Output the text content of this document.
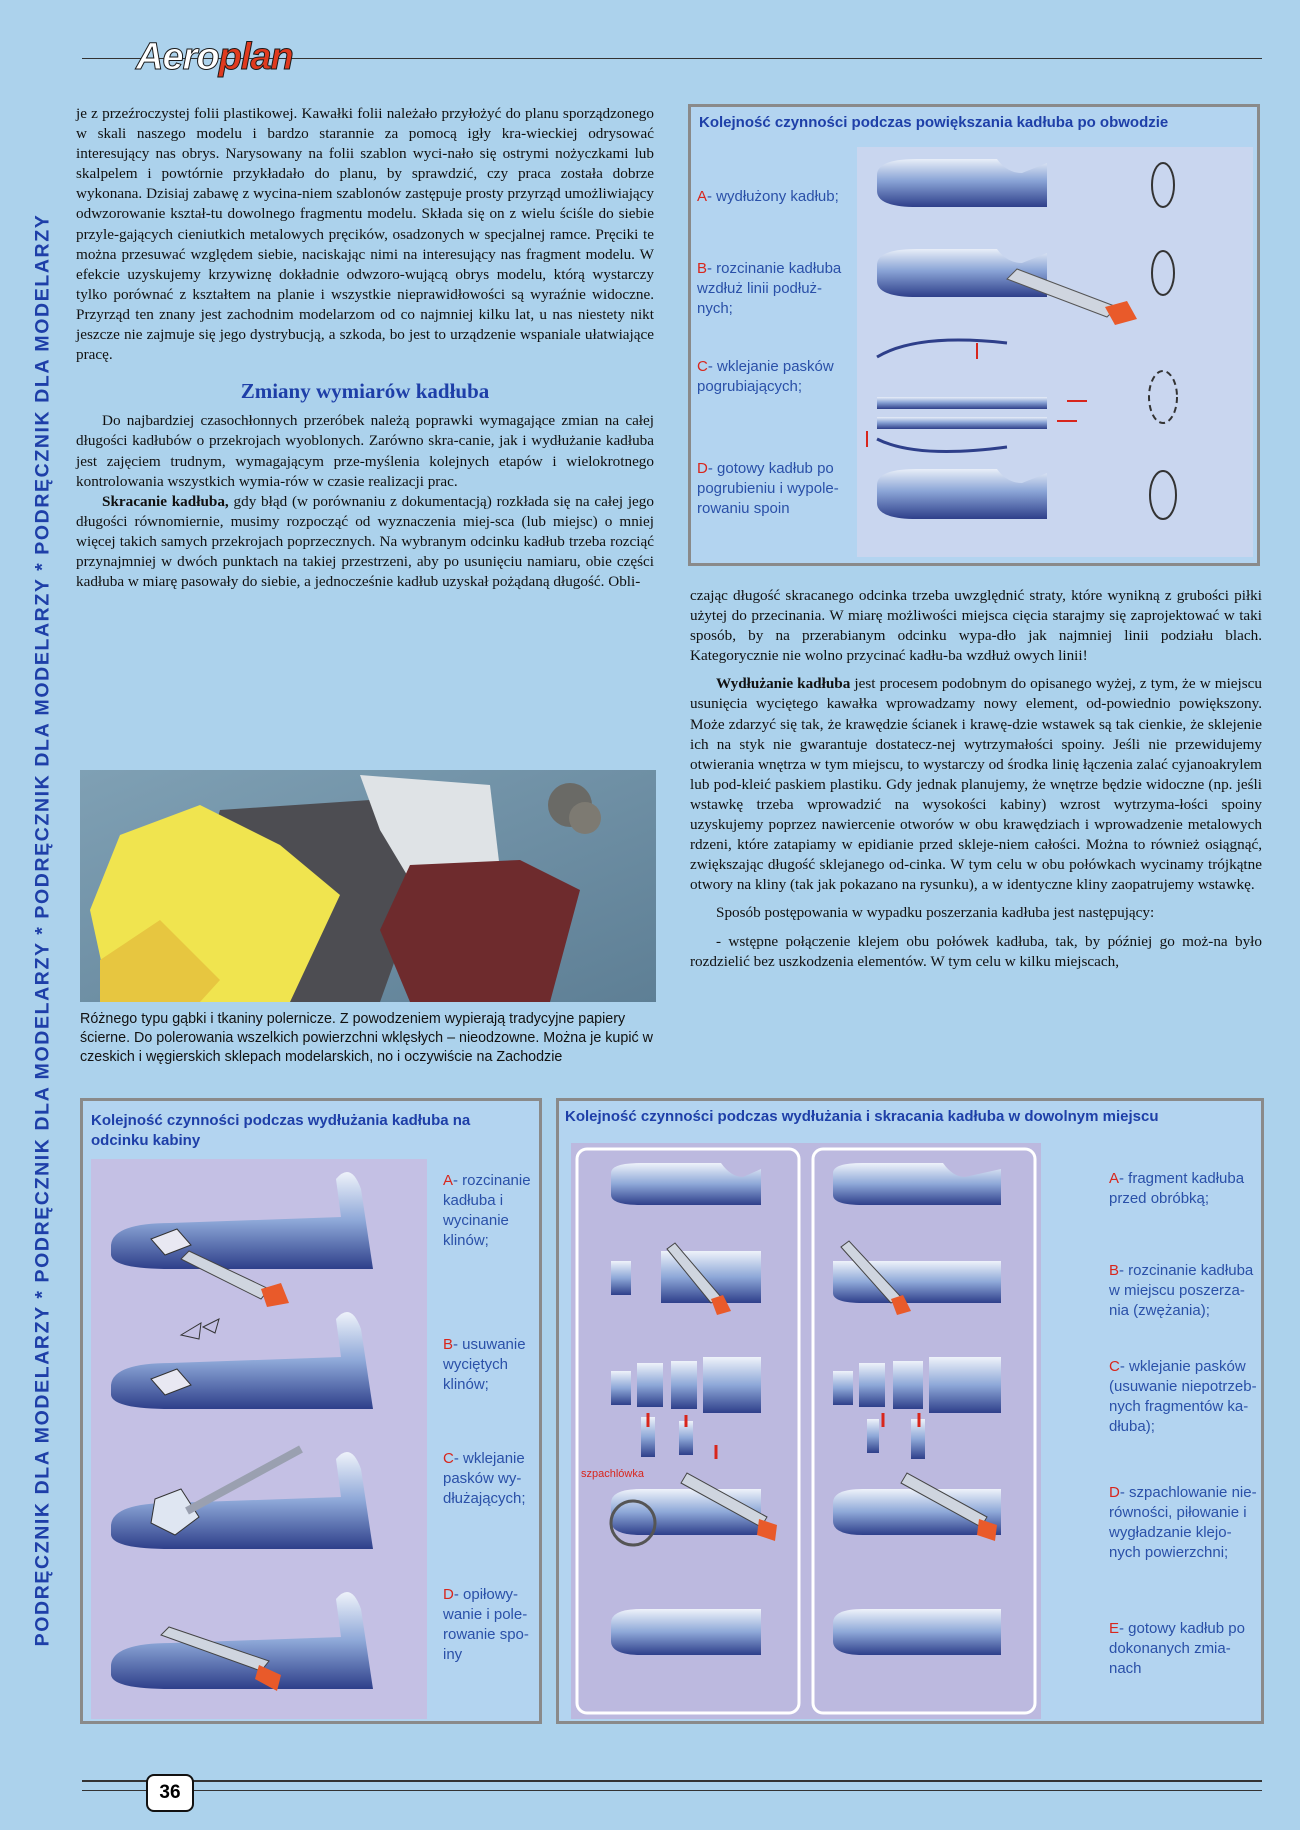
PODRĘCZNIK DLA MODELARZY * PODRĘCZNIK DLA MODELARZY * PODRĘCZNIK DLA MODELARZY * PODRĘCZNIK DLA MODELARZY
Aeroplan

je z przeźroczystej folii plastikowej. Kawałki folii należało przyłożyć do planu sporządzonego w skali naszego modelu i bardzo starannie za pomocą igły kra-wieckiej odrysować interesujący nas obrys. Narysowany na folii szablon wyci-nało się ostrymi nożyczkami lub skalpelem i powtórnie przykładało do planu, by sprawdzić, czy praca została dobrze wykonana. Dzisiaj zabawę z wycina-niem szablonów zastępuje prosty przyrząd umożliwiający odwzorowanie kształ-tu dowolnego fragmentu modelu. Składa się on z wielu ściśle do siebie przyle-gających cieniutkich metalowych pręcików, osadzonych w specjalnej ramce. Pręciki te można przesuwać względem siebie, naciskając nimi na interesujący nas fragment modelu. W efekcie uzyskujemy krzywiznę dokładnie odwzoro-wującą obrys modelu, którą wystarczy tylko porównać z kształtem na planie i wszystkie nieprawidłowości są wyraźnie widoczne. Przyrząd ten znany jest zachodnim modelarzom od co najmniej kilku lat, u nas niestety nikt jeszcze nie zajmuje się jego dystrybucją, a szkoda, bo jest to urządzenie wspaniale ułatwiające pracę.

Zmiany wymiarów kadłuba

Do najbardziej czasochłonnych przeróbek należą poprawki wymagające zmian na całej długości kadłubów o przekrojach wyoblonych. Zarówno skra-canie, jak i wydłużanie kadłuba jest zajęciem trudnym, wymagającym prze-myślenia kolejnych etapów i wielokrotnego kontrolowania wszystkich wymia-rów w czasie realizacji prac.

Skracanie kadłuba, gdy błąd (w porównaniu z dokumentacją) rozkłada się na całej jego długości równomiernie, musimy rozpocząć od wyznaczenia miej-sca (lub miejsc) o mniej więcej takich samych przekrojach poprzecznych. Na wybranym odcinku kadłub trzeba rozciąć przynajmniej w dwóch punktach na takiej przestrzeni, aby po usunięciu namiaru, obie części kadłuba w miarę pasowały do siebie, a jednocześnie kadłub uzyskał pożądaną długość. Obli-

Różnego typu gąbki i tkaniny polernicze. Z powodzeniem wypierają tradycyjne papiery ścierne. Do polerowania wszelkich powierzchni wklęsłych – nieodzowne. Można je kupić w czeskich i węgierskich sklepach modelarskich, no i oczywiście na Zachodzie
Kolejność czynności podczas powiększania kadłuba po obwodzie
A- wydłużony kadłub;
B- rozcinanie kadłuba wzdłuż linii podłuż-nych;
C- wklejanie pasków pogrubiających;
D- gotowy kadłub po pogrubieniu i wypole-rowaniu spoin

czając długość skracanego odcinka trzeba uwzględnić straty, które wynikną z grubości piłki użytej do przecinania. W miarę możliwości miejsca cięcia starajmy się zaprojektować w taki sposób, by na przerabianym odcinku wypa-dło jak najmniej linii podziału blach. Kategorycznie nie wolno przycinać kadłu-ba wzdłuż owych linii!

Wydłużanie kadłuba jest procesem podobnym do opisanego wyżej, z tym, że w miejscu usunięcia wyciętego kawałka wprowadzamy nowy element, od-powiednio powiększony. Może zdarzyć się tak, że krawędzie ścianek i krawę-dzie wstawek są tak cienkie, że sklejenie ich na styk nie gwarantuje dostatecz-nej wytrzymałości spoiny. Jeśli nie przewidujemy otwierania wnętrza w tym miejscu, to wystarczy od środka linię łączenia zalać cyjanoakrylem lub pod-kleić paskiem plastiku. Gdy jednak planujemy, że wnętrze będzie widoczne (np. jeśli wstawkę trzeba wprowadzić na wysokości kabiny) wzrost wytrzyma-łości spoiny uzyskujemy poprzez nawiercenie otworów w obu krawędziach i wprowadzenie metalowych rdzeni, które zatapiamy w epidianie przed skleje-niem całości. Można to również osiągnąć, zwiększając długość sklejanego od-cinka. W tym celu w obu połówkach wycinamy trójkątne otwory na kliny (tak jak pokazano na rysunku), a w identyczne kliny zaopatrujemy wstawkę.

Sposób postępowania w wypadku poszerzania kadłuba jest następujący:

- wstępne połączenie klejem obu połówek kadłuba, tak, by później go moż-na było rozdzielić bez uszkodzenia elementów. W tym celu w kilku miejscach,

Kolejność czynności podczas wydłużania kadłuba na odcinku kabiny
A- rozcinanie kadłuba i wycinanie klinów;
B- usuwanie wyciętych klinów;
C- wklejanie pasków wy-dłużających;
D- opiłowy-wanie i pole-rowanie spo-iny
Kolejność czynności podczas wydłużania i skracania kadłuba w dowolnym miejscu
szpachlówka
A- fragment kadłuba przed obróbką;
B- rozcinanie kadłuba w miejscu poszerza-nia (zwężania);
C- wklejanie pasków (usuwanie niepotrzeb-nych fragmentów ka-dłuba);
D- szpachlowanie nie-równości, piłowanie i wygładzanie klejo-nych powierzchni;
E- gotowy kadłub po dokonanych zmia-nach
36
